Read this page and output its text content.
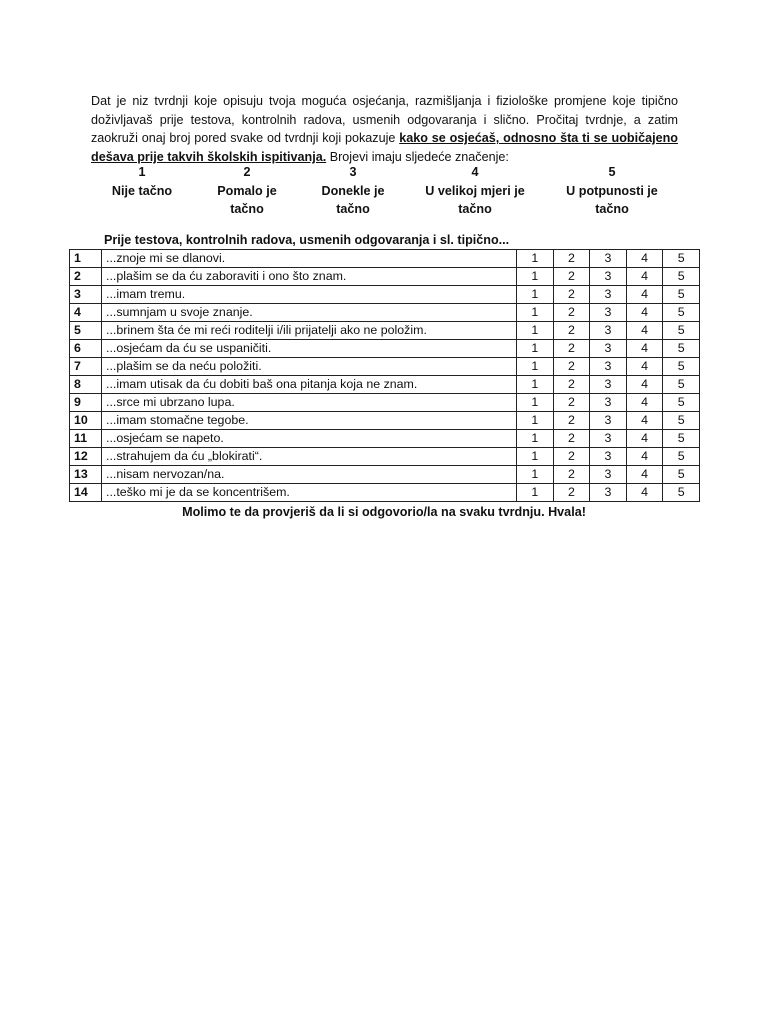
Dat je niz tvrdnji koje opisuju tvoja moguća osjećanja, razmišljanja i fiziološke promjene koje tipično doživljavaš prije testova, kontrolnih radova, usmenih odgovaranja i slično. Pročitaj tvrdnje, a zatim zaokruži onaj broj pored svake od tvrdnji koji pokazuje kako se osjećaš, odnosno šta ti se uobičajeno dešava prije takvih školskih ispitivanja. Brojevi imaju sljedeće značenje:

1
Nije tačno
2
Pomalo je
tačno
3
Donekle je
tačno
4
U velikoj mjeri je
tačno
5
U potpunosti je
tačno
Prije testova, kontrolnih radova, usmenih odgovaranja i sl. tipično...
1	...znoje mi se dlanovi.	1	2	3	4	5
2	...plašim se da ću zaboraviti i ono što znam.	1	2	3	4	5
3	...imam tremu.	1	2	3	4	5
4	...sumnjam u svoje znanje.	1	2	3	4	5
5	...brinem šta će mi reći roditelji i/ili prijatelji ako ne položim.	1	2	3	4	5
6	...osjećam da ću se uspaničiti.	1	2	3	4	5
7	...plašim se da neću položiti.	1	2	3	4	5
8	...imam utisak da ću dobiti baš ona pitanja koja ne znam.	1	2	3	4	5
9	...srce mi ubrzano lupa.	1	2	3	4	5
10	...imam stomačne tegobe.	1	2	3	4	5
11	...osjećam se napeto.	1	2	3	4	5
12	...strahujem da ću „blokirati“.	1	2	3	4	5
13	...nisam nervozan/na.	1	2	3	4	5
14	...teško mi je da se koncentrišem.	1	2	3	4	5
Molimo te da provjeriš da li si odgovorio/la na svaku tvrdnju. Hvala!
